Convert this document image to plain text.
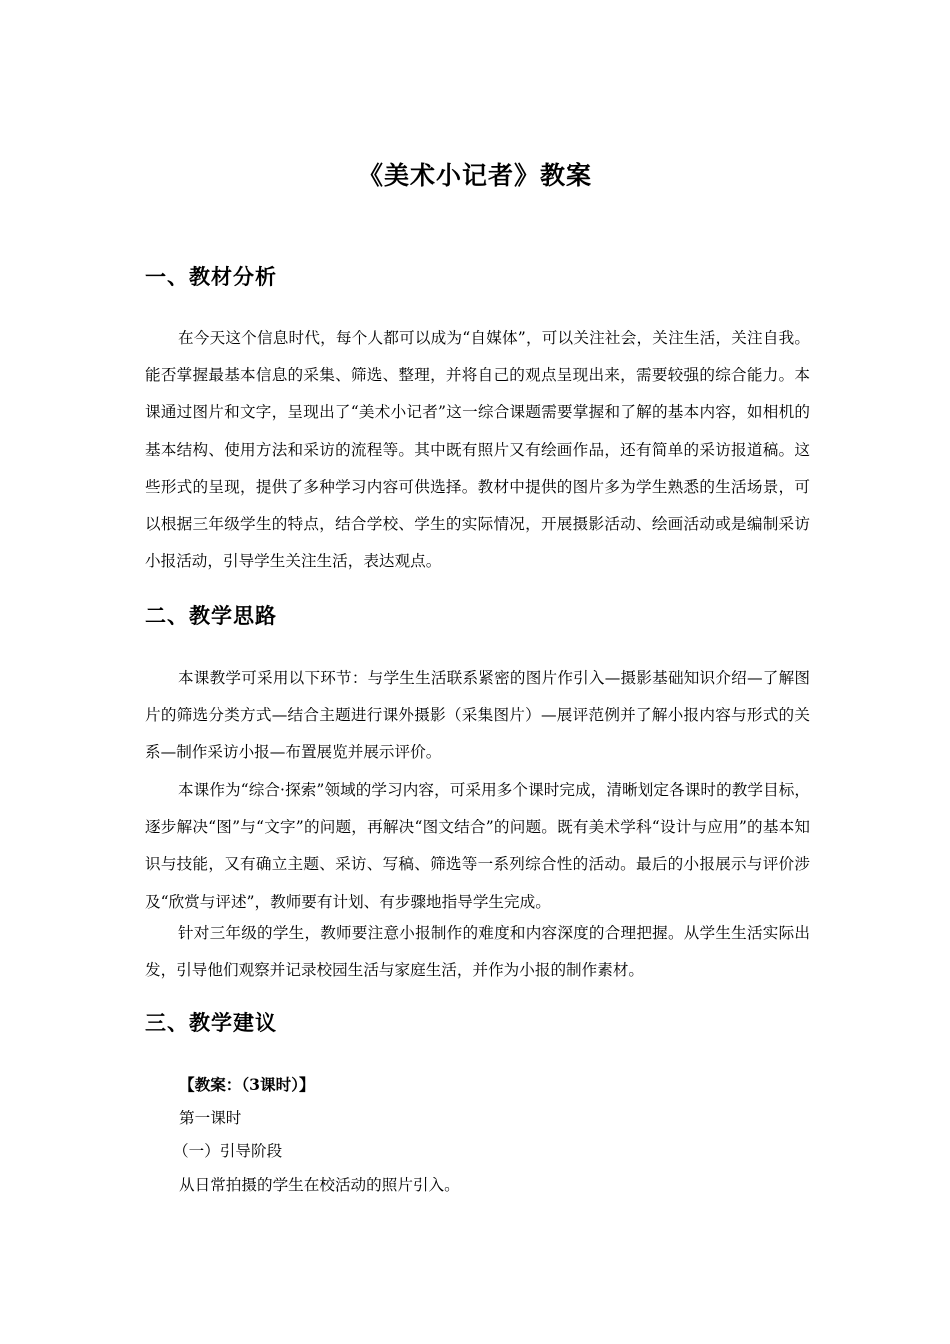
《美术小记者》教案
一、教材分析

在今天这个信息时代，每个人都可以成为“自媒体”，可以关注社会，关注生活，关注自我。能否掌握最基本信息的采集、筛选、整理，并将自己的观点呈现出来，需要较强的综合能力。本课通过图片和文字，呈现出了“美术小记者”这一综合课题需要掌握和了解的基本内容，如相机的基本结构、使用方法和采访的流程等。其中既有照片又有绘画作品，还有简单的采访报道稿。这些形式的呈现，提供了多种学习内容可供选择。教材中提供的图片多为学生熟悉的生活场景，可以根据三年级学生的特点，结合学校、学生的实际情况，开展摄影活动、绘画活动或是编制采访小报活动，引导学生关注生活，表达观点。

二、教学思路

本课教学可采用以下环节：与学生生活联系紧密的图片作引入—摄影基础知识介绍—了解图片的筛选分类方式—结合主题进行课外摄影（采集图片）—展评范例并了解小报内容与形式的关系—制作采访小报—布置展览并展示评价。

本课作为“综合·探索”领域的学习内容，可采用多个课时完成，清晰划定各课时的教学目标，逐步解决“图”与“文字”的问题，再解决“图文结合”的问题。既有美术学科“设计与应用”的基本知识与技能，又有确立主题、采访、写稿、筛选等一系列综合性的活动。最后的小报展示与评价涉及“欣赏与评述”，教师要有计划、有步骤地指导学生完成。

针对三年级的学生，教师要注意小报制作的难度和内容深度的合理把握。从学生生活实际出发，引导他们观察并记录校园生活与家庭生活，并作为小报的制作素材。

三、教学建议
【教案：（3课时）】
第一课时
（一）引导阶段
从日常拍摄的学生在校活动的照片引入。
